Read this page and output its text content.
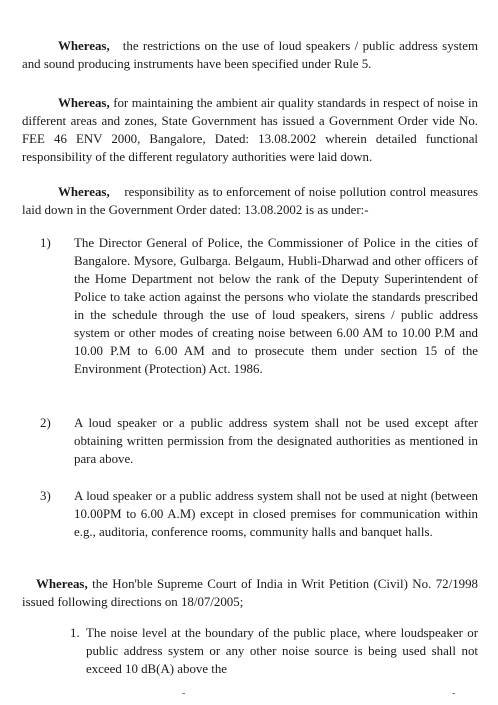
Whereas, the restrictions on the use of loud speakers / public address system and sound producing instruments have been specified under Rule 5.

Whereas, for maintaining the ambient air quality standards in respect of noise in different areas and zones, State Government has issued a Government Order vide No. FEE 46 ENV 2000, Bangalore, Dated: 13.08.2002 wherein detailed functional responsibility of the different regulatory authorities were laid down.

Whereas, responsibility as to enforcement of noise pollution control measures laid down in the Government Order dated: 13.08.2002 is as under:-

1)	The Director General of Police, the Commissioner of Police in the cities of Bangalore. Mysore, Gulbarga. Belgaum, Hubli-Dharwad and other officers of the Home Department not below the rank of the Deputy Superintendent of Police to take action against the persons who violate the standards prescribed in the schedule through the use of loud speakers, sirens / public address system or other modes of creating noise between 6.00 AM to 10.00 P.M and 10.00 P.M to 6.00 AM and to prosecute them under section 15 of the Environment (Protection) Act. 1986.
2)	A loud speaker or a public address system shall not be used except after obtaining written permission from the designated authorities as mentioned in para above.
3)	A loud speaker or a public address system shall not be used at night (between 10.00PM to 6.00 A.M) except in closed premises for communication within e.g., auditoria, conference rooms, community halls and banquet halls.

Whereas, the Hon'ble Supreme Court of India in Writ Petition (Civil) No. 72/1998 issued following directions on 18/07/2005;

1. The noise level at the boundary of the public place, where loudspeaker or public address system or any other noise source is being used shall not exceed 10 dB(A) above the
-	-
